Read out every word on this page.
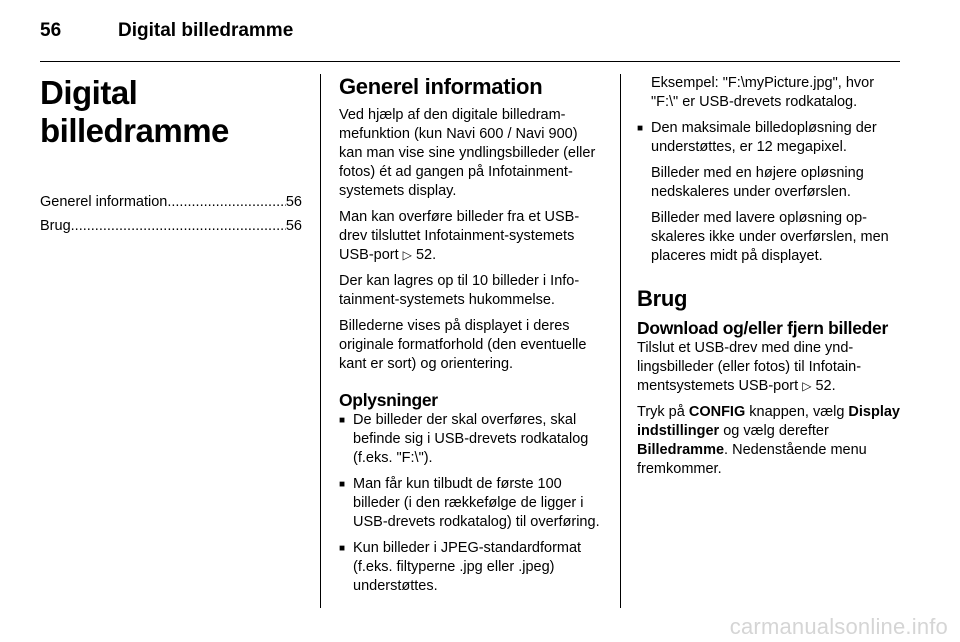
56	Digital billedramme
Digital billedramme
Generel information .....	56
Brug .....	56
Generel information

Ved hjælp af den digitale billedrammefunktion (kun Navi 600 / Navi 900) kan man vise sine yndlingsbilleder (eller fotos) ét ad gangen på Infotainment-systemets display.

Man kan overføre billeder fra et USB-drev tilsluttet Infotainment-systemets USB-port ▷ 52.

Der kan lagres op til 10 billeder i Infotainment-systemets hukommelse.

Billederne vises på displayet i deres originale formatforhold (den eventuelle kant er sort) og orientering.

Oplysninger
■ De billeder der skal overføres, skal befinde sig i USB-drevets rodkatalog (f.eks. "F:\").
■ Man får kun tilbudt de første 100 billeder (i den rækkefølge de ligger i USB-drevets rodkatalog) til overføring.
■ Kun billeder i JPEG-standardformat (f.eks. filtyperne .jpg eller .jpeg) understøttes.

Eksempel: "F:\myPicture.jpg", hvor "F:\" er USB-drevets rodkatalog.

■ Den maksimale billedopløsning der understøttes, er 12 megapixel.

Billeder med en højere opløsning nedskaleres under overførslen.

Billeder med lavere opløsning opskaleres ikke under overførslen, men placeres midt på displayet.

Brug
Download og/eller fjern billeder

Tilslut et USB-drev med dine yndlingsbilleder (eller fotos) til Infotainmentsystemets USB-port ▷ 52.

Tryk på CONFIG knappen, vælg Display indstillinger og vælg derefter Billedramme. Nedenstående menu fremkommer.

carmanualsonline.info
